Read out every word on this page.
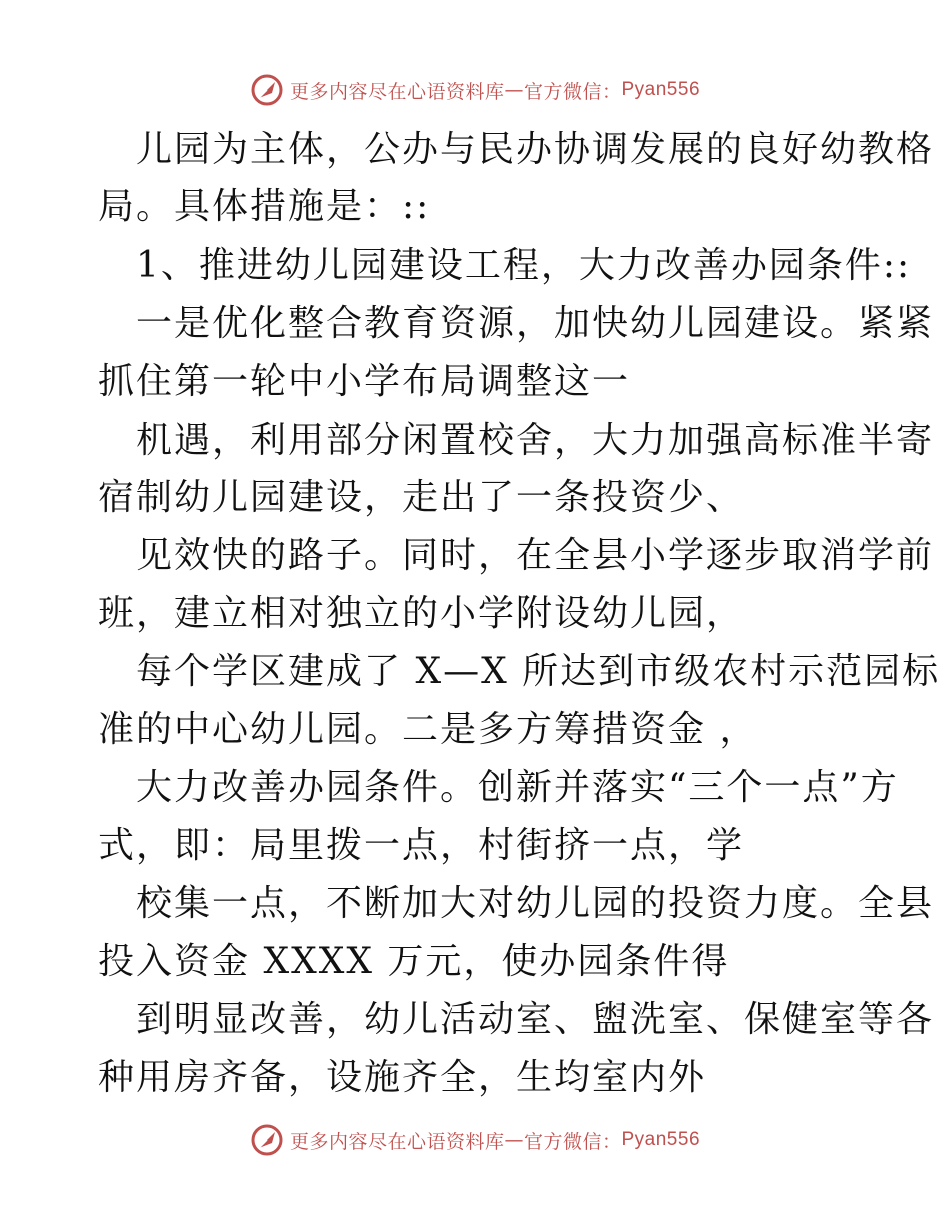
更多内容尽在心语资料库 — 官方微信： Pyan556
　儿园为主体，公办与民办协调发展的良好幼教格
局。具体措施是：::
　1、推进幼儿园建设工程，大力改善办园条件::
　一是优化整合教育资源，加快幼儿园建设。紧紧
抓住第一轮中小学布局调整这一
　机遇，利用部分闲置校舍，大力加强高标准半寄
宿制幼儿园建设，走出了一条投资少、
　见效快的路子。同时，在全县小学逐步取消学前
班，建立相对独立的小学附设幼儿园，
　每个学区建成了 X—X 所达到市级农村示范园标
准的中心幼儿园。二是多方筹措资金 ，
　大力改善办园条件。创新并落实“三个一点”方
式，即：局里拨一点，村街挤一点，学
　校集一点，不断加大对幼儿园的投资力度。全县
投入资金 XXXX 万元，使办园条件得
　到明显改善，幼儿活动室、盥洗室、保健室等各
种用房齐备，设施齐全，生均室内外
更多内容尽在心语资料库 — 官方微信： Pyan556
